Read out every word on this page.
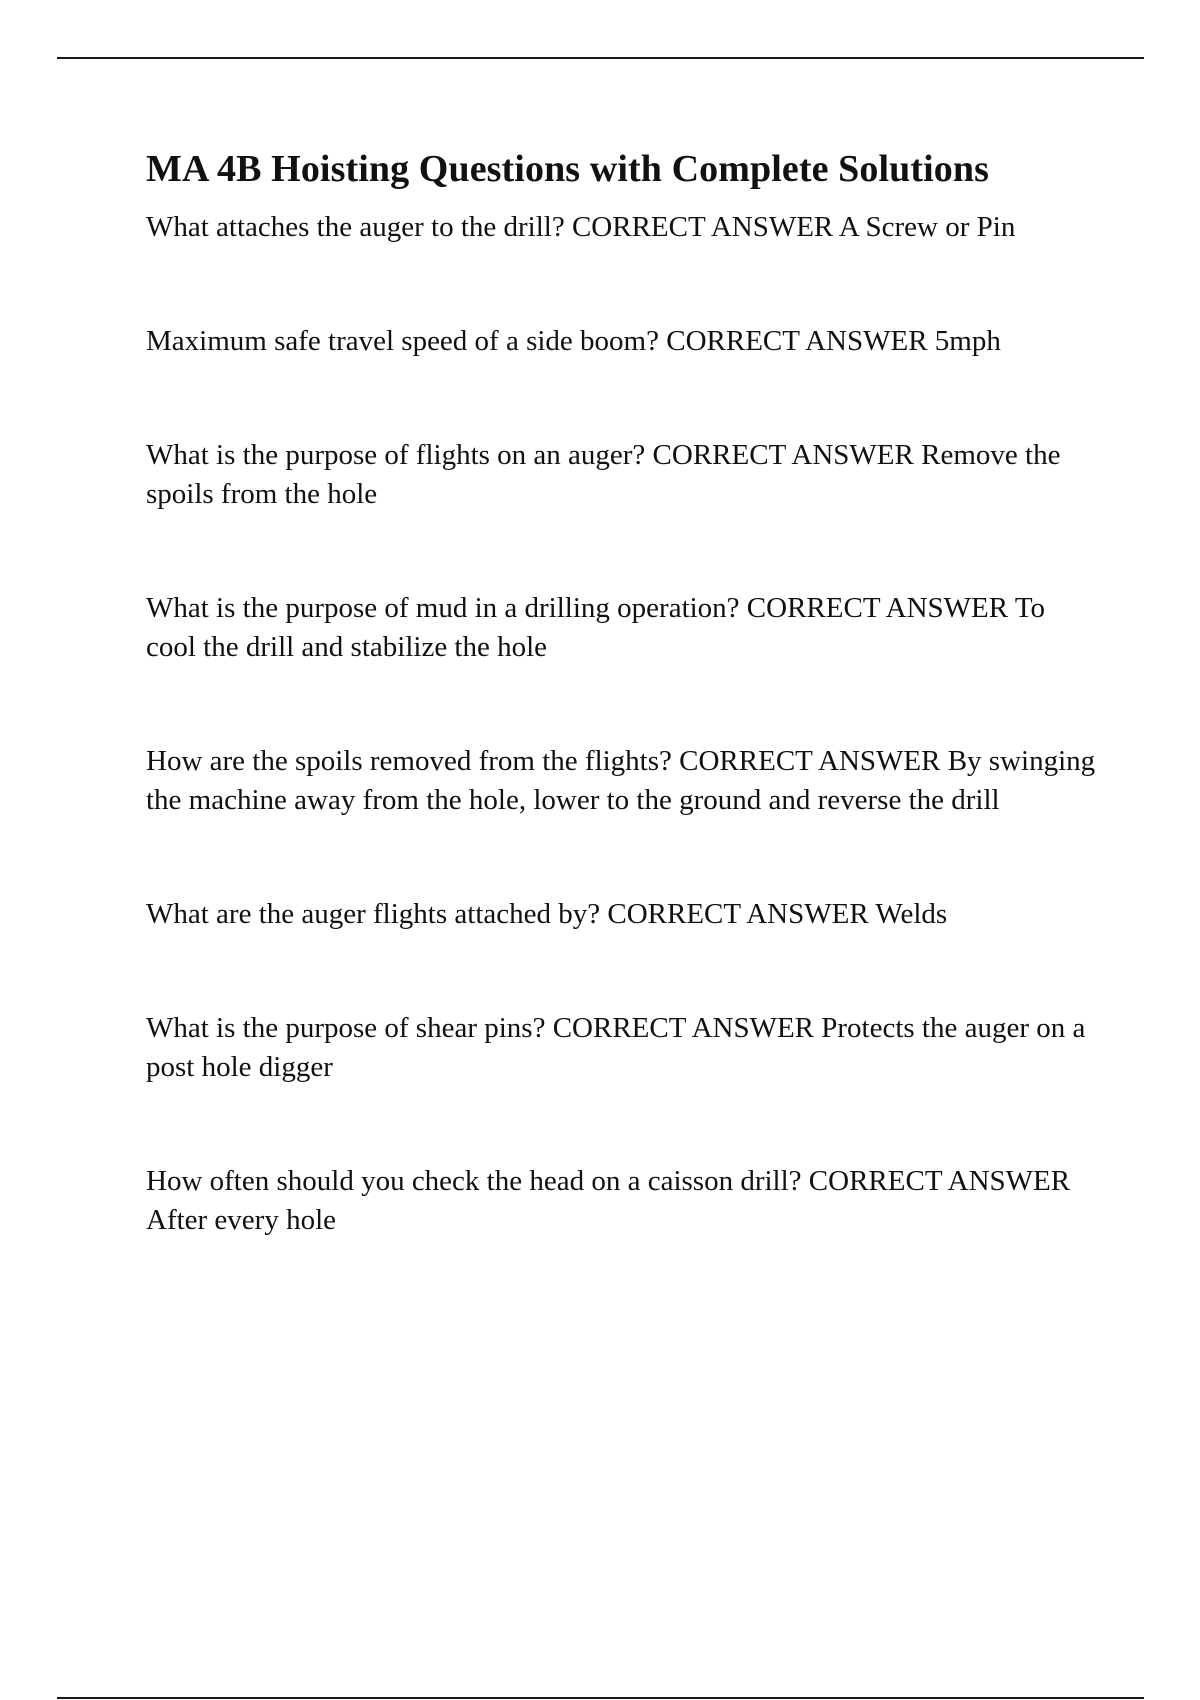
MA 4B Hoisting Questions with Complete Solutions
What attaches the auger to the drill? CORRECT ANSWER A Screw or Pin
Maximum safe travel speed of a side boom? CORRECT ANSWER 5mph
What is the purpose of flights on an auger? CORRECT ANSWER Remove the spoils from the hole
What is the purpose of mud in a drilling operation? CORRECT ANSWER To cool the drill and stabilize the hole
How are the spoils removed from the flights? CORRECT ANSWER By swinging the machine away from the hole, lower to the ground and reverse the drill
What are the auger flights attached by? CORRECT ANSWER Welds
What is the purpose of shear pins? CORRECT ANSWER Protects the auger on a post hole digger
How often should you check the head on a caisson drill? CORRECT ANSWER After every hole
